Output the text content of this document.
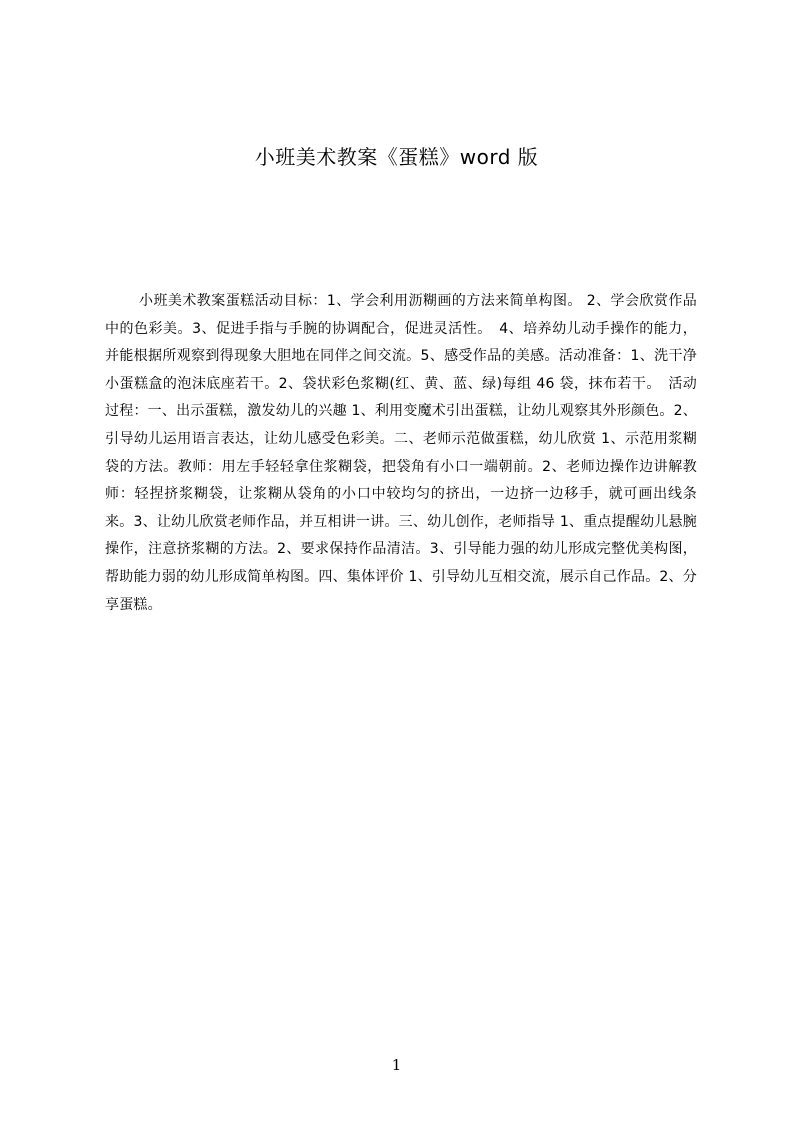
小班美术教案《蛋糕》word 版

小班美术教案蛋糕活动目标：1、学会利用沥糊画的方法来简单构图。 2、学会欣赏作品中的色彩美。3、促进手指与手腕的协调配合，促进灵活性。　4、培养幼儿动手操作的能力，并能根据所观察到得现象大胆地在同伴之间交流。5、感受作品的美感。活动准备：1、洗干净小蛋糕盒的泡沫底座若干。2、袋状彩色浆糊(红、黄、蓝、绿)每组 46 袋，抹布若干。　活动过程：一、出示蛋糕，激发幼儿的兴趣 1、利用变魔术引出蛋糕，让幼儿观察其外形颜色。2、引导幼儿运用语言表达，让幼儿感受色彩美。二、老师示范做蛋糕，幼儿欣赏 1、示范用浆糊袋的方法。教师：用左手轻轻拿住浆糊袋，把袋角有小口一端朝前。2、老师边操作边讲解教师：轻捏挤浆糊袋，让浆糊从袋角的小口中较均匀的挤出，一边挤一边移手，就可画出线条来。3、让幼儿欣赏老师作品，并互相讲一讲。三、幼儿创作，老师指导 1、重点提醒幼儿悬腕操作，注意挤浆糊的方法。2、要求保持作品清洁。3、引导能力强的幼儿形成完整优美构图，帮助能力弱的幼儿形成简单构图。四、集体评价 1、引导幼儿互相交流，展示自己作品。2、分享蛋糕。

1
